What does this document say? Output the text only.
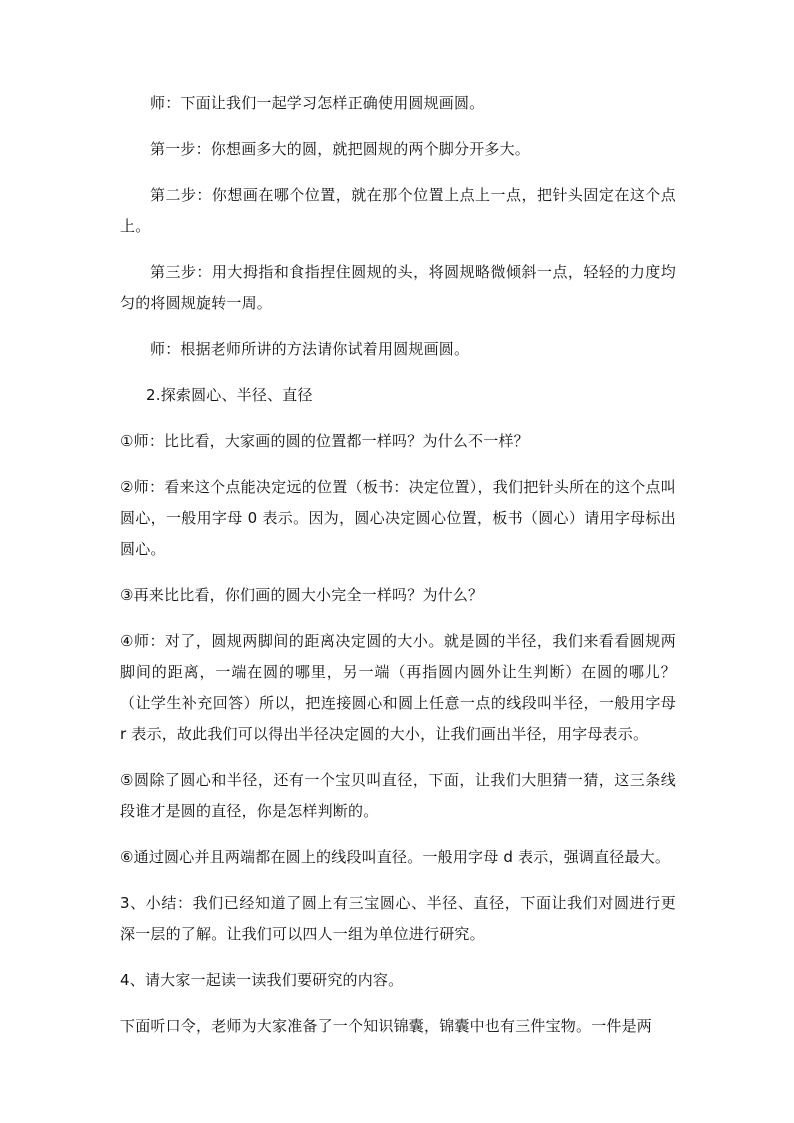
师：下面让我们一起学习怎样正确使用圆规画圆。

第一步：你想画多大的圆，就把圆规的两个脚分开多大。

第二步：你想画在哪个位置，就在那个位置上点上一点，把针头固定在这个点上。

第三步：用大拇指和食指捏住圆规的头，将圆规略微倾斜一点，轻轻的力度均匀的将圆规旋转一周。

师：根据老师所讲的方法请你试着用圆规画圆。

2.探索圆心、半径、直径

①师：比比看，大家画的圆的位置都一样吗？为什么不一样？

②师：看来这个点能决定远的位置（板书：决定位置），我们把针头所在的这个点叫圆心，一般用字母 0 表示。因为，圆心决定圆心位置，板书（圆心）请用字母标出圆心。

③再来比比看，你们画的圆大小完全一样吗？为什么？

④师：对了，圆规两脚间的距离决定圆的大小。就是圆的半径，我们来看看圆规两脚间的距离，一端在圆的哪里，另一端（再指圆内圆外让生判断）在圆的哪儿？（让学生补充回答）所以，把连接圆心和圆上任意一点的线段叫半径，一般用字母 r 表示，故此我们可以得出半径决定圆的大小，让我们画出半径，用字母表示。

⑤圆除了圆心和半径，还有一个宝贝叫直径，下面，让我们大胆猜一猜，这三条线段谁才是圆的直径，你是怎样判断的。

⑥通过圆心并且两端都在圆上的线段叫直径。一般用字母 d 表示，强调直径最大。

3、小结：我们已经知道了圆上有三宝圆心、半径、直径，下面让我们对圆进行更深一层的了解。让我们可以四人一组为单位进行研究。

4、请大家一起读一读我们要研究的内容。

下面听口令，老师为大家准备了一个知识锦囊，锦囊中也有三件宝物。一件是两
